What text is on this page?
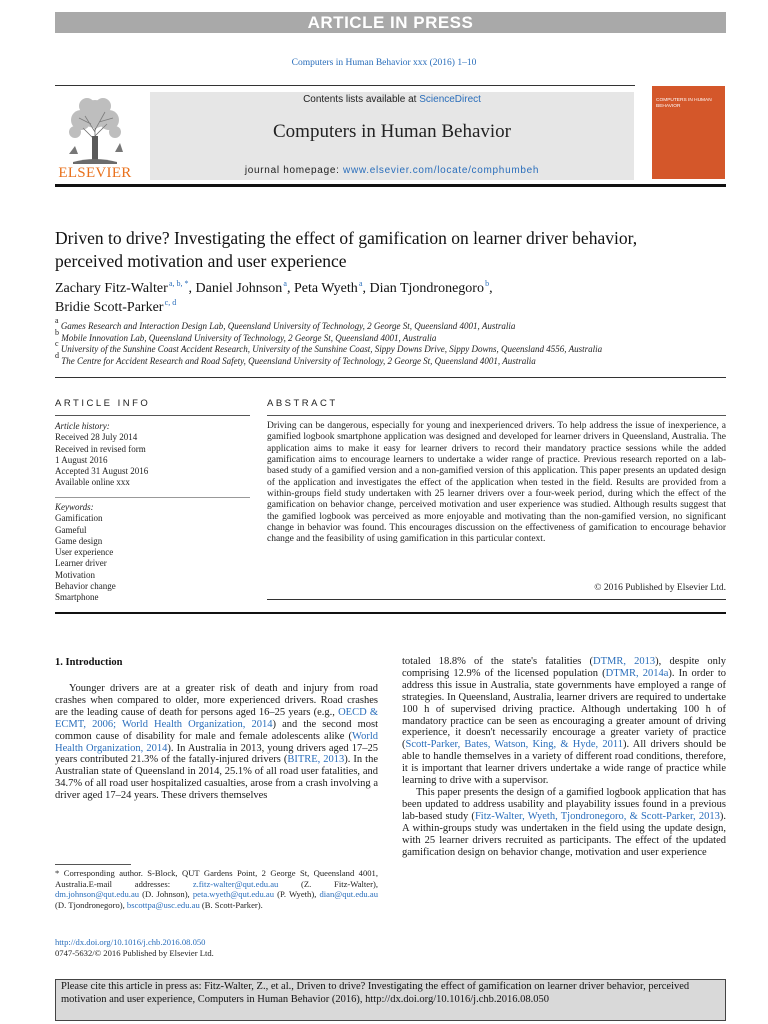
ARTICLE IN PRESS
Computers in Human Behavior xxx (2016) 1–10
ELSEVIER
Contents lists available at ScienceDirect
Computers in Human Behavior
journal homepage: www.elsevier.com/locate/comphumbeh
COMPUTERS IN HUMAN BEHAVIOR
Driven to drive? Investigating the effect of gamification on learner driver behavior, perceived motivation and user experience
Zachary Fitz-Walter $^{a, b, *}$, Daniel Johnson $^a$, Peta Wyeth $^a$, Dian Tjondronegoro $^b$,
Bridie Scott-Parker $^{c, d}$
$^a$ Games Research and Interaction Design Lab, Queensland University of Technology, 2 George St, Queensland 4001, Australia
$^b$ Mobile Innovation Lab, Queensland University of Technology, 2 George St, Queensland 4001, Australia
$^c$ University of the Sunshine Coast Accident Research, University of the Sunshine Coast, Sippy Downs Drive, Sippy Downs, Queensland 4556, Australia
$^d$ The Centre for Accident Research and Road Safety, Queensland University of Technology, 2 George St, Queensland 4001, Australia
ARTICLE INFO
Article history:
Received 28 July 2014
Received in revised form
1 August 2016
Accepted 31 August 2016
Available online xxx
Keywords:
Gamification
Gameful
Game design
User experience
Learner driver
Motivation
Behavior change
Smartphone
ABSTRACT
Driving can be dangerous, especially for young and inexperienced drivers. To help address the issue of inexperience, a gamified logbook smartphone application was designed and developed for learner drivers in Queensland, Australia. The application aims to make it easy for learner drivers to record their mandatory practice sessions while the added gamification aims to encourage learners to undertake a wider range of practice. Previous research reported on a lab-based study of a gamified version and a non-gamified version of this application. This paper presents an updated design of the application and investigates the effect of the application when tested in the field. Results are provided from a within-groups field study undertaken with 25 learner drivers over a four-week period, during which the effect of the gamification on behavior change, perceived motivation and user experience was studied. Although results suggest that the gamified logbook was perceived as more enjoyable and motivating than the non-gamified version, no significant change in behavior was found. This encourages discussion on the effectiveness of gamification to encourage behavior change and the feasibility of using gamification in this particular context.
© 2016 Published by Elsevier Ltd.
1. Introduction
Younger drivers are at a greater risk of death and injury from road crashes when compared to older, more experienced drivers. Road crashes are the leading cause of death for persons aged 16–25 years (e.g., OECD & ECMT, 2006; World Health Organization, 2014) and the second most common cause of disability for male and female adolescents alike (World Health Organization, 2014). In Australia in 2013, young drivers aged 17–25 years contributed 21.3% of the fatally-injured drivers (BITRE, 2013). In the Australian state of Queensland in 2014, 25.1% of all road user fatalities, and 34.7% of all road user hospitalized casualties, arose from a crash involving a driver aged 17–24 years. These drivers themselves

totaled 18.8% of the state's fatalities (DTMR, 2013), despite only comprising 12.9% of the licensed population (DTMR, 2014a). In order to address this issue in Australia, state governments have employed a range of strategies. In Queensland, Australia, learner drivers are required to undertake 100 h of supervised driving practice. Although undertaking 100 h of mandatory practice can be seen as encouraging a greater amount of driving experience, it doesn't necessarily encourage a greater variety of practice (Scott-Parker, Bates, Watson, King, & Hyde, 2011). All drivers should be able to handle themselves in a variety of different road conditions, therefore, it is important that learner drivers undertake a wide range of practice while learning to drive with a supervisor.

This paper presents the design of a gamified logbook application that has been updated to address usability and playability issues found in a previous lab-based study (Fitz-Walter, Wyeth, Tjondronegoro, & Scott-Parker, 2013). A within-groups study was undertaken in the field using the update design, with 25 learner drivers recruited as participants. The effect of the updated gamification design on behavior change, motivation and user experience

* Corresponding author. S-Block, QUT Gardens Point, 2 George St, Queensland 4001, Australia.E-mail addresses: z.fitz-walter@qut.edu.au (Z. Fitz-Walter), dm.johnson@qut.edu.au (D. Johnson), peta.wyeth@qut.edu.au (P. Wyeth), dian@qut.edu.au (D. Tjondronegoro), bscottpa@usc.edu.au (B. Scott-Parker).
http://dx.doi.org/10.1016/j.chb.2016.08.050
0747-5632/© 2016 Published by Elsevier Ltd.
Please cite this article in press as: Fitz-Walter, Z., et al., Driven to drive? Investigating the effect of gamification on learner driver behavior, perceived motivation and user experience, Computers in Human Behavior (2016), http://dx.doi.org/10.1016/j.chb.2016.08.050
